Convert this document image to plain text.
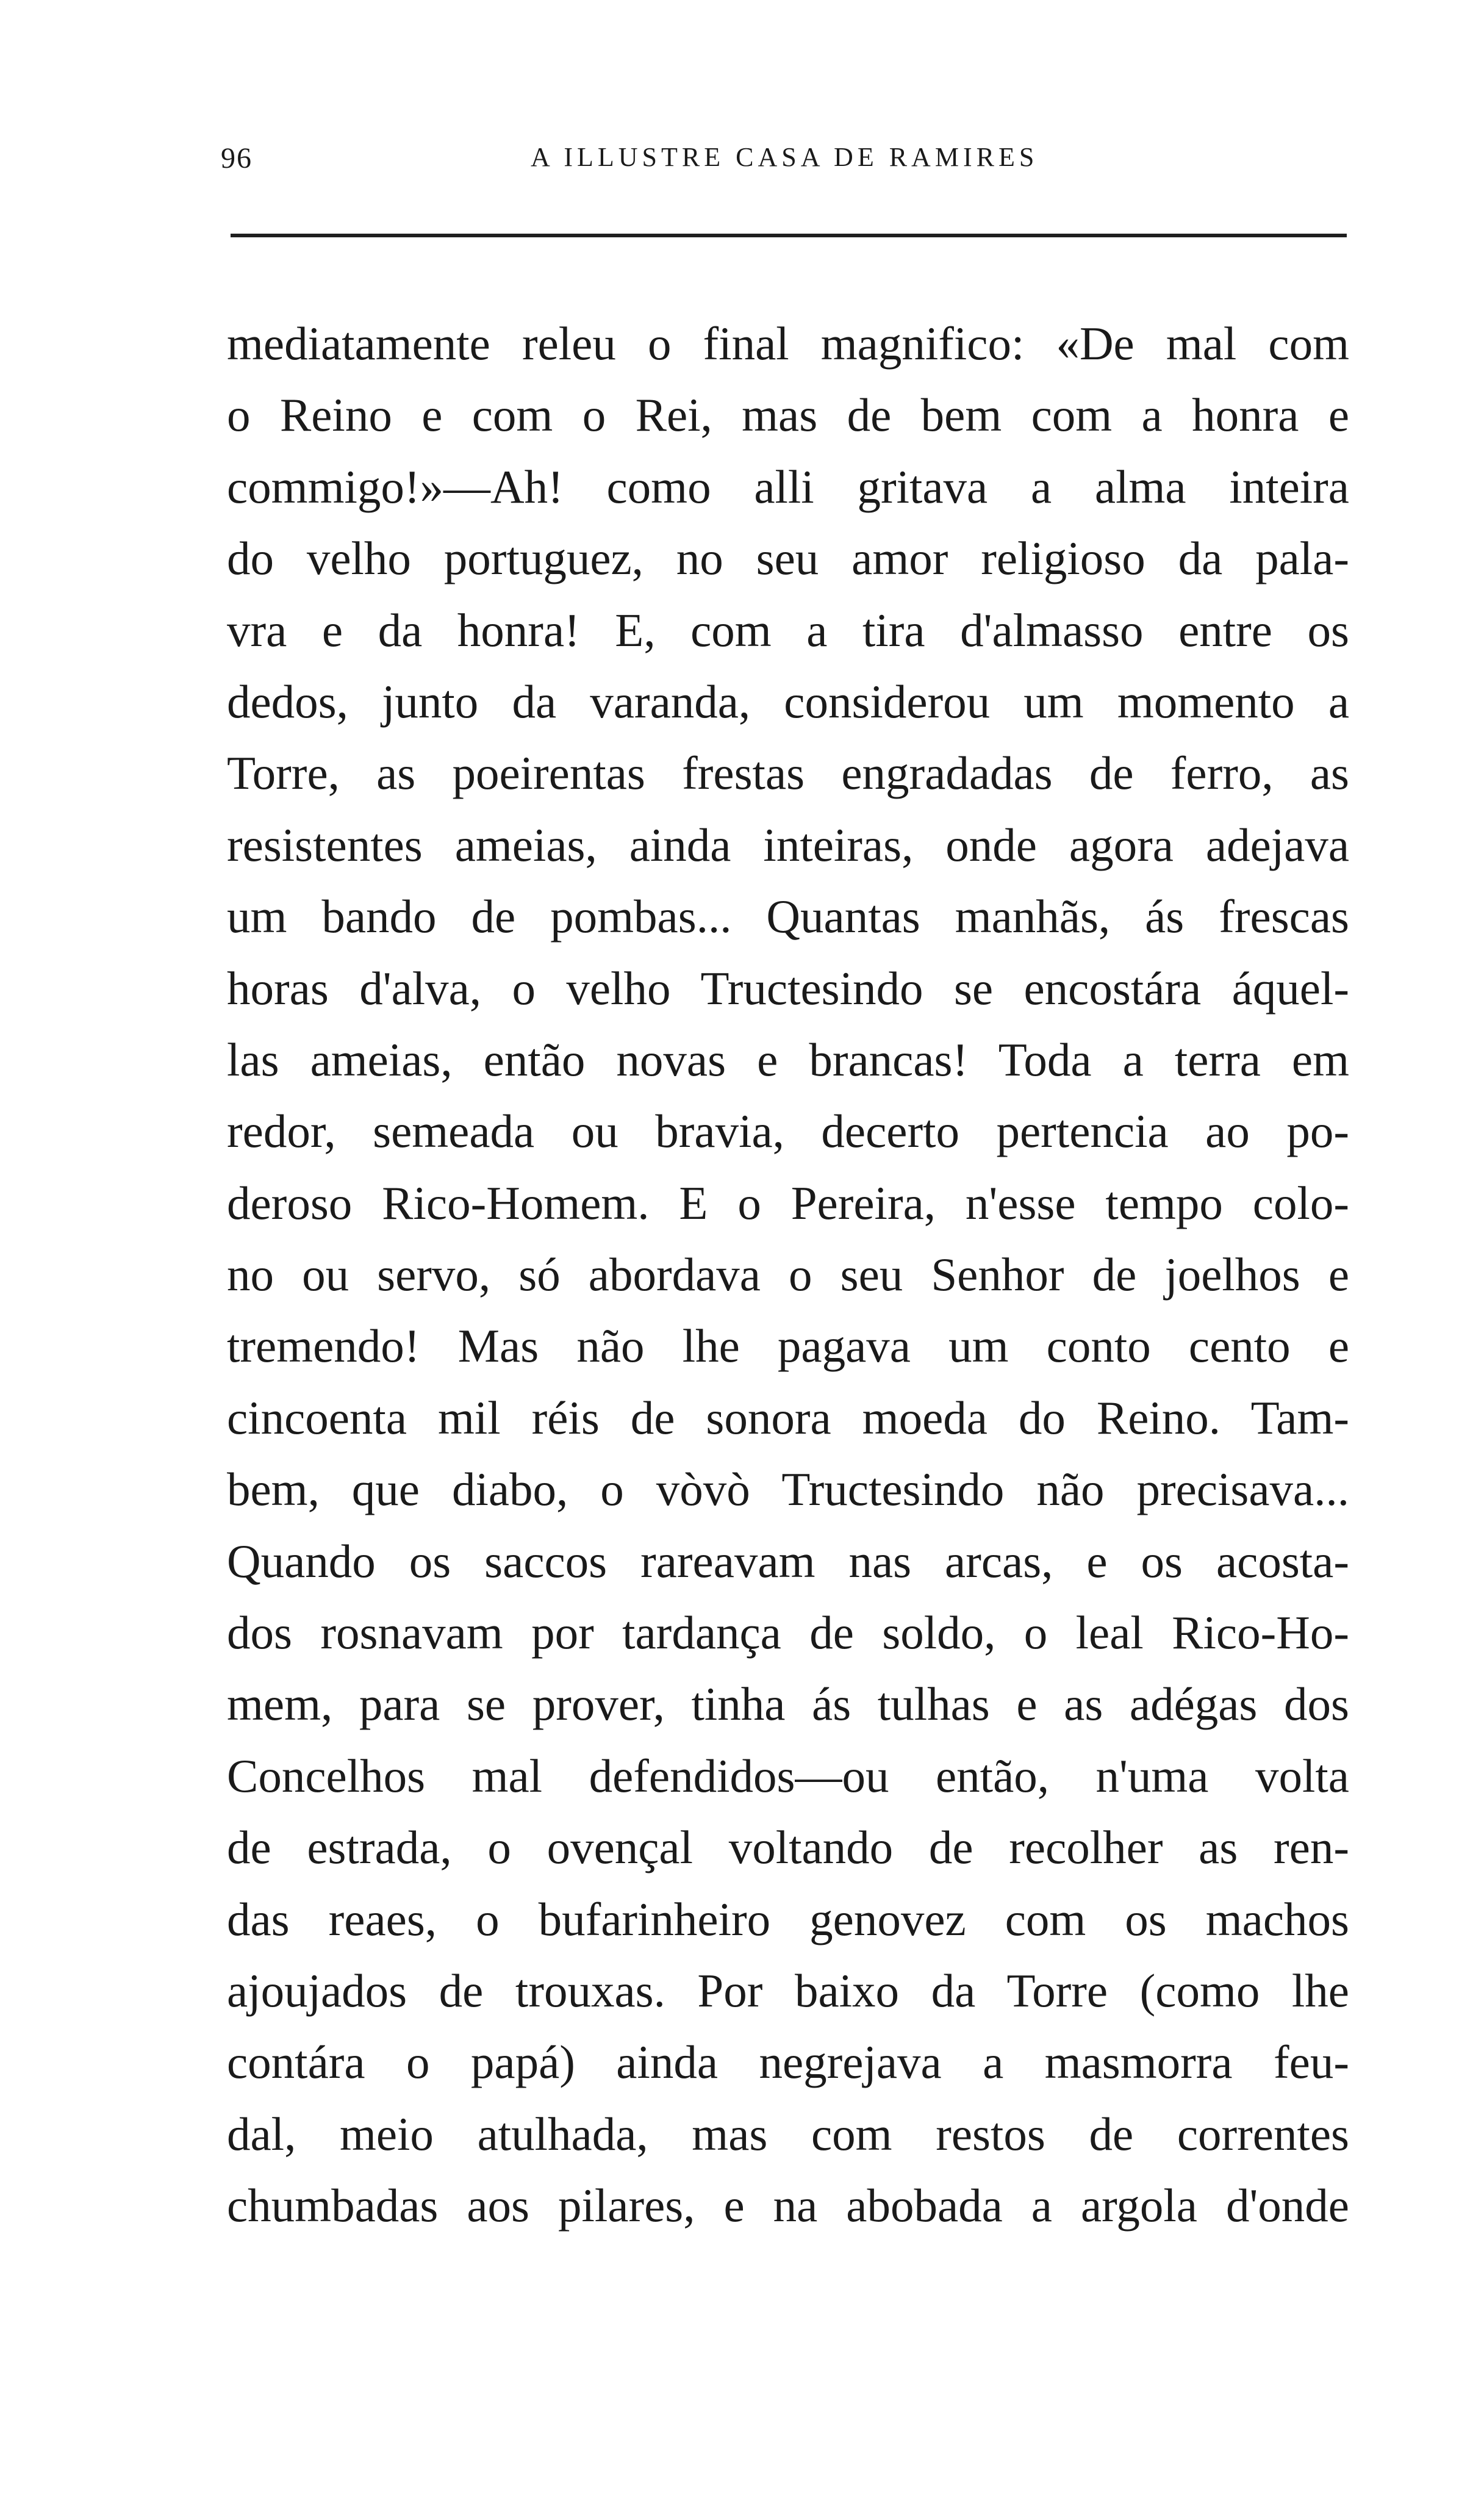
96	A ILLUSTRE CASA DE RAMIRES
mediatamente releu o final magnifico: «De mal com
o Reino e com o Rei, mas de bem com a honra e
commigo!»—Ah! como alli gritava a alma inteira
do velho portuguez, no seu amor religioso da pala-
vra e da honra! E, com a tira d'almasso entre os
dedos, junto da varanda, considerou um momento a
Torre, as poeirentas frestas engradadas de ferro, as
resistentes ameias, ainda inteiras, onde agora adejava
um bando de pombas... Quantas manhãs, ás frescas
horas d'alva, o velho Tructesindo se encostára áquel-
las ameias, então novas e brancas! Toda a terra em
redor, semeada ou bravia, decerto pertencia ao po-
deroso Rico-Homem. E o Pereira, n'esse tempo colo-
no ou servo, só abordava o seu Senhor de joelhos e
tremendo! Mas não lhe pagava um conto cento e
cincoenta mil réis de sonora moeda do Reino. Tam-
bem, que diabo, o vòvò Tructesindo não precisava...
Quando os saccos rareavam nas arcas, e os acosta-
dos rosnavam por tardança de soldo, o leal Rico-Ho-
mem, para se prover, tinha ás tulhas e as adégas dos
Concelhos mal defendidos—ou então, n'uma volta
de estrada, o ovençal voltando de recolher as ren-
das reaes, o bufarinheiro genovez com os machos
ajoujados de trouxas. Por baixo da Torre (como lhe
contára o papá) ainda negrejava a masmorra feu-
dal, meio atulhada, mas com restos de correntes
chumbadas aos pilares, e na abobada a argola d'onde
